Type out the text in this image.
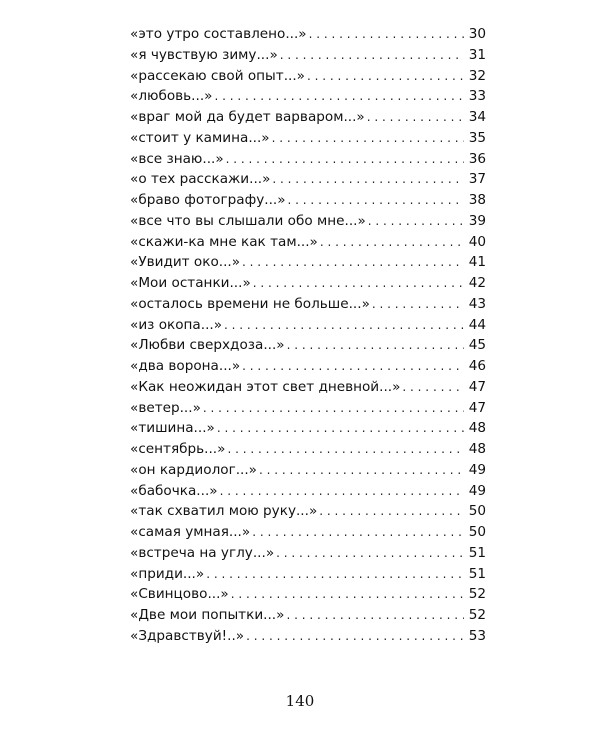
«это утро составлено...» . . .	30
«я чувствую зиму...» . . .	31
«рассекаю свой опыт...» . . .	32
«любовь...» . . .	33
«враг мой да будет варваром...» . . .	34
«стоит у камина...» . . .	35
«все знаю...» . . .	36
«о тех расскажи...» . . .	37
«браво фотографу...» . . .	38
«все что вы слышали обо мне...» . . .	39
«скажи-ка мне как там...» . . .	40
«Увидит око...» . . .	41
«Мои останки...» . . .	42
«осталось времени не больше...» . . .	43
«из окопа...» . . .	44
«Любви сверхдоза...» . . .	45
«два ворона...» . . .	46
«Как неожидан этот свет дневной...» . . .	47
«ветер...» . . .	47
«тишина...» . . .	48
«сентябрь...» . . .	48
«он кардиолог...» . . .	49
«бабочка...» . . .	49
«так схватил мою руку...» . . .	50
«самая умная...» . . .	50
«встреча на углу...» . . .	51
«приди...» . . .	51
«Свинцово...» . . .	52
«Две мои попытки...» . . .	52
«Здравствуй!..» . . .	53
140
